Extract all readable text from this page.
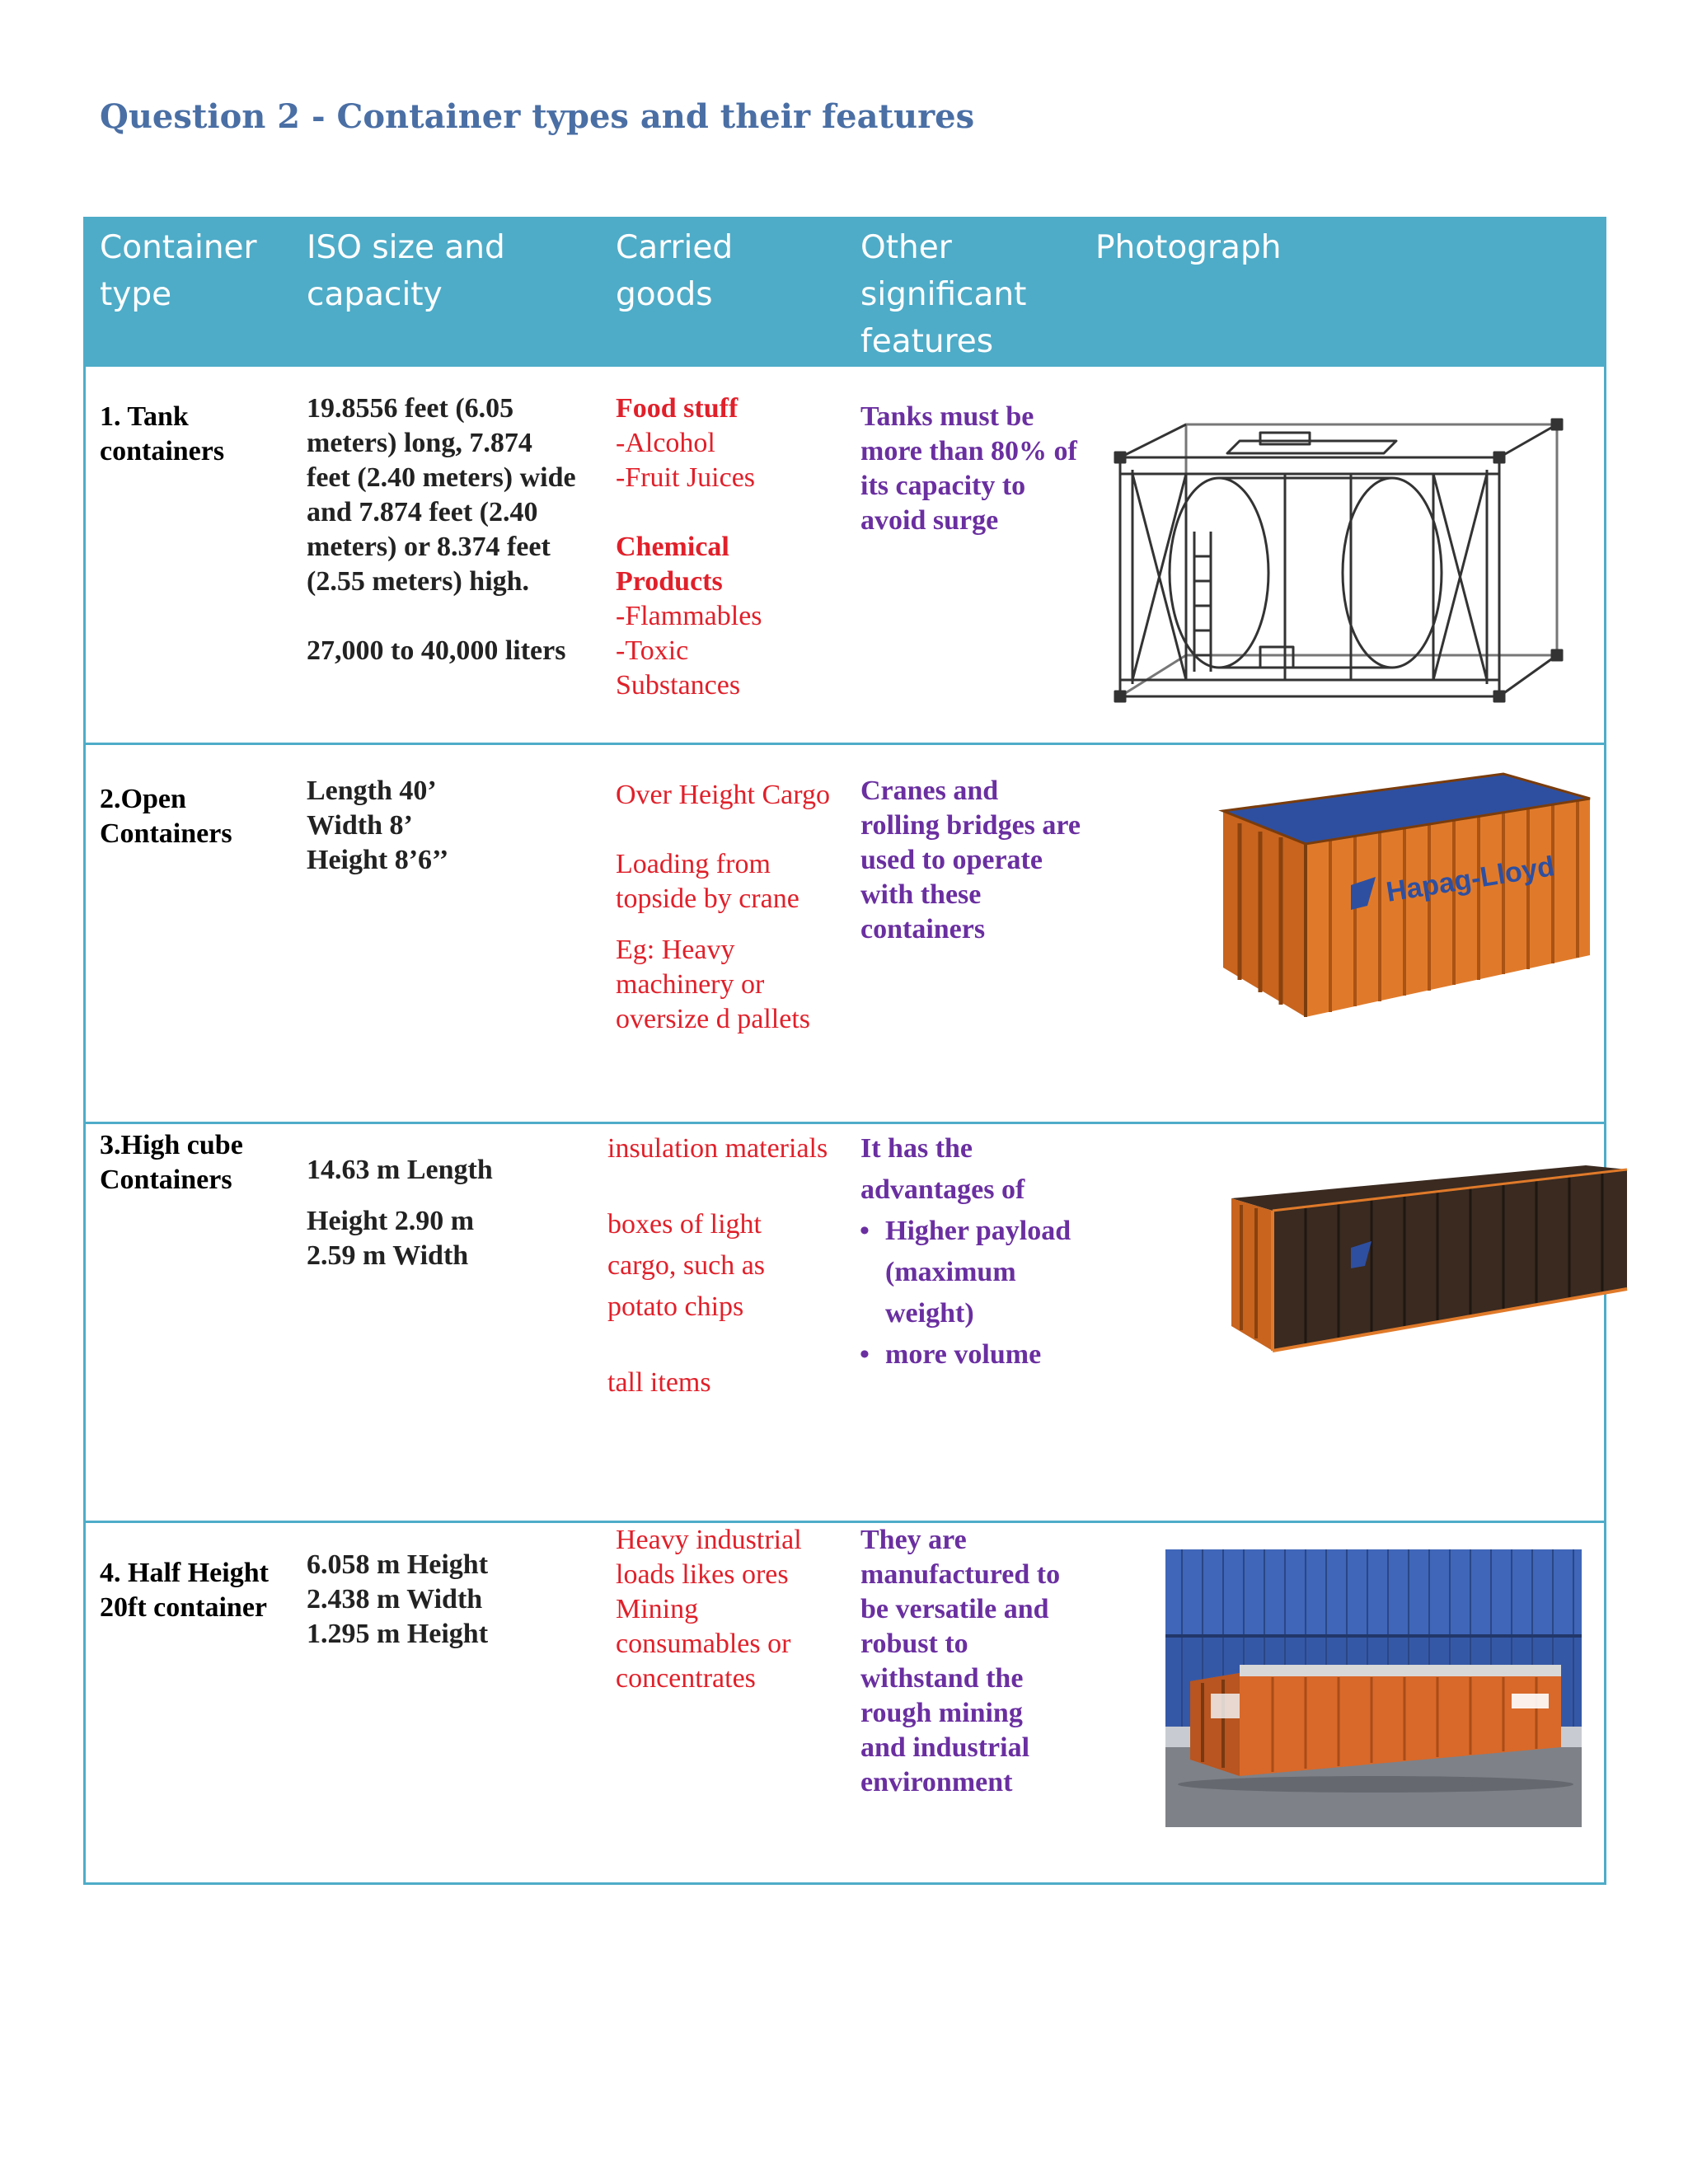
Question 2 - Container types and their features
Container type
ISO size and capacity
Carried goods
Other significant features
Photograph
1. Tank containers
19.8556 feet (6.05 meters) long, 7.874 feet (2.40 meters) wide and 7.874 feet (2.40 meters) or 8.374 feet (2.55 meters) high.
27,000 to 40,000 liters
Food stuff
-Alcohol
-Fruit Juices
Chemical Products
-Flammables
-Toxic Substances
Tanks must be more than 80% of its capacity to avoid surge
2.Open Containers
Length 40’
Width 8’
Height 8’6’’
Over Height Cargo
Loading from topside by crane
Eg: Heavy machinery or oversize d pallets
Cranes and rolling bridges are used to operate with these containers
Hapag-Lloyd
3.High cube Containers	14.63 m Length
Height 2.90 m
2.59 m Width
insulation materials
boxes of light cargo, such as potato chips
tall items
It has the advantages of
• Higher payload (maximum weight)
• more volume
4. Half Height 20ft container
6.058 m Height
2.438 m Width
1.295 m Height
Heavy industrial loads likes ores Mining consumables or concentrates
They are manufactured to be versatile and robust to withstand the rough mining and industrial environment
